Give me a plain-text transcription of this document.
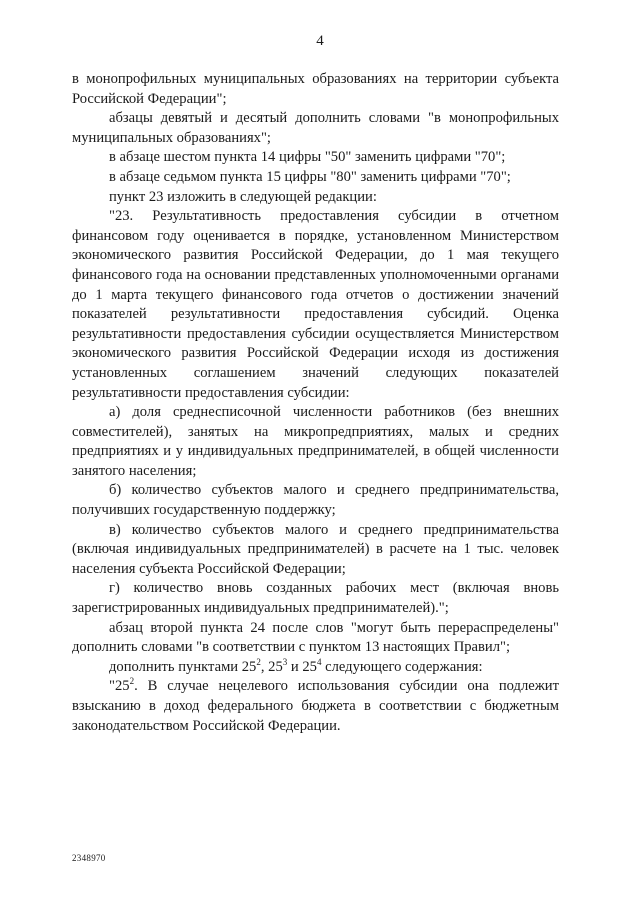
4

в монопрофильных муниципальных образованиях на территории субъекта Российской Федерации";

абзацы девятый и десятый дополнить словами "в монопрофильных муниципальных образованиях";

в абзаце шестом пункта 14 цифры "50" заменить цифрами "70";

в абзаце седьмом пункта 15 цифры "80" заменить цифрами "70";

пункт 23 изложить в следующей редакции:

"23. Результативность предоставления субсидии в отчетном финансовом году оценивается в порядке, установленном Министерством экономического развития Российской Федерации, до 1 мая текущего финансового года на основании представленных уполномоченными органами до 1 марта текущего финансового года отчетов о достижении значений показателей результативности предоставления субсидий. Оценка результативности предоставления субсидии осуществляется Министерством экономического развития Российской Федерации исходя из достижения установленных соглашением значений следующих показателей результативности предоставления субсидии:

а) доля среднесписочной численности работников (без внешних совместителей), занятых на микропредприятиях, малых и средних предприятиях и у индивидуальных предпринимателей, в общей численности занятого населения;

б) количество субъектов малого и среднего предпринимательства, получивших государственную поддержку;

в) количество субъектов малого и среднего предпринимательства (включая индивидуальных предпринимателей) в расчете на 1 тыс. человек населения субъекта Российской Федерации;

г) количество вновь созданных рабочих мест (включая вновь зарегистрированных индивидуальных предпринимателей).";

абзац второй пункта 24 после слов "могут быть перераспределены" дополнить словами "в соответствии с пунктом 13 настоящих Правил";

дополнить пунктами $25^2$, $25^3$ и $25^4$ следующего содержания:

"$25^2$. В случае нецелевого использования субсидии она подлежит взысканию в доход федерального бюджета в соответствии с бюджетным законодательством Российской Федерации.

2348970
